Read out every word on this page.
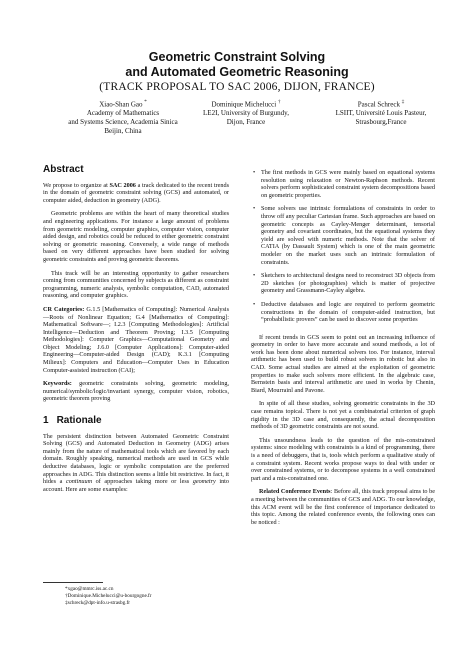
Geometric Constraint Solving
and Automated Geometric Reasoning
(TRACK PROPOSAL TO SAC 2006, DIJON, FRANCE)
Xiao-Shan Gao *
Academy of Mathematics
and Systems Science, Academia Sinica
Beijin, China
Dominique Michelucci †
LE2I, University of Burgundy,
Dijon, France
Pascal Schreck ‡
LSIIT, Université Louis Pasteur,
Strasbourg,France
Abstract

We propose to organize at SAC 2006 a track dedicated to the recent trends in the domain of geometric constraint solving (GCS) and automated, or computer aided, deduction in geometry (ADG).

Geometric problems are within the heart of many theoretical studies and engineering applications. For instance a large amount of problems from geometric modeling, computer graphics, computer vision, computer aided design, and robotics could be reduced to either geometric constraint solving or geometric reasoning. Conversely, a wide range of methods based on very different approaches have been studied for solving geometric constraints and proving geometric theorems.

This track will be an interesting opportunity to gather researchers coming from communities concerned by subjects as different as constraint programming, numeric analysis, symbolic computation, CAD, automated reasoning, and computer graphics.

CR Categories: G.1.5 [Mathematics of Computing]: Numerical Analysis—Roots of Nonlinear Equation; G.4 [Mathematics of Computing]: Mathematical Software—; I.2.3 [Computing Methodologies]: Artificial Intelligence—Deduction and Theorem Proving; I.3.5 [Computing Methodologies]: Computer Graphics—Computational Geometry and Object Modeling; J.6.0 [Computer Applications]: Computer-aided Engineering—Computer-aided Design (CAD); K.3.1 [Computing Milieux]: Computers and Education—Computer Uses in Education Computer-assisted instruction (CAI);

Keywords: geometric constraints solving, geometric modeling, numerical/symbolic/logic/invariant synergy, computer vision, robotics, geometric theorem proving

1 Rationale

The persistent distinction between Automated Geometric Constraint Solving (GCS) and Automated Deduction in Geometry (ADG) arises mainly from the nature of mathematical tools which are favored by each domain. Roughly speaking, numerical methods are used in GCS while deductive databases, logic or symbolic computation are the preferred approaches in ADG. This distinction seems a little bit restrictive. In fact, it hides a continuum of approaches taking more or less geometry into account. Here are some examples:

*xgao@mmrc.iss.ac.cn
†Dominique.Michelucci@u-bourgogne.fr
‡schreck@dpt-info.u-strasbg.fr
• The first methods in GCS were mainly based on equational systems resolution using relaxation or Newton-Raphson methods. Recent solvers perform sophisticated constraint system decompositions based on geometric properties.
• Some solvers use intrinsic formulations of constraints in order to throw off any peculiar Cartesian frame. Such approaches are based on geometric concepts as Cayley-Menger determinant, tensorial geometry and covariant coordinates, but the equational systems they yield are solved with numeric methods. Note that the solver of CATIA (by Dassault System) which is one of the main geometric modeler on the market uses such an intrinsic formulation of constraints.
• Sketchers to architectural designs need to reconstruct 3D objects from 2D sketches (or photographies) which is matter of projective geometry and Grassmann-Cayley algebra.
• Deductive databases and logic are required to perform geometric constructions in the domain of computer-aided instruction, but “probabilistic provers” can be used to discover some properties

If recent trends in GCS seem to point out an increasing influence of geometry in order to have more accurate and sound methods, a lot of work has been done about numerical solvers too. For instance, interval arithmetic has been used to build robust solvers in robotic but also in CAD. Some actual studies are aimed at the exploitation of geometric properties to make such solvers more efficient. In the algebraic case, Bernstein basis and interval arithmetic are used in works by Chenin, Biard, Mourrainl and Pavone.

In spite of all these studies, solving geometric constraints in the 3D case remains topical. There is not yet a combinatorial criterion of graph rigidity in the 3D case and, consequently, the actual decomposition methods of 3D geometric constraints are not sound.

This unsoundness leads to the question of the mis-constrained systems: since modeling with constraints is a kind of programming, there is a need of debuggers, that is, tools which perform a qualitative study of a constraint system. Recent works propose ways to deal with under or over constrained systems, or to decompose systems in a well constrained part and a mis-constrained one.

Related Conference Events: Before all, this track proposal aims to be a meeting between the communities of GCS and ADG. To our knowledge, this ACM event will be the first conference of importance dedicated to this topic. Among the related conference events, the following ones can be noticed :
